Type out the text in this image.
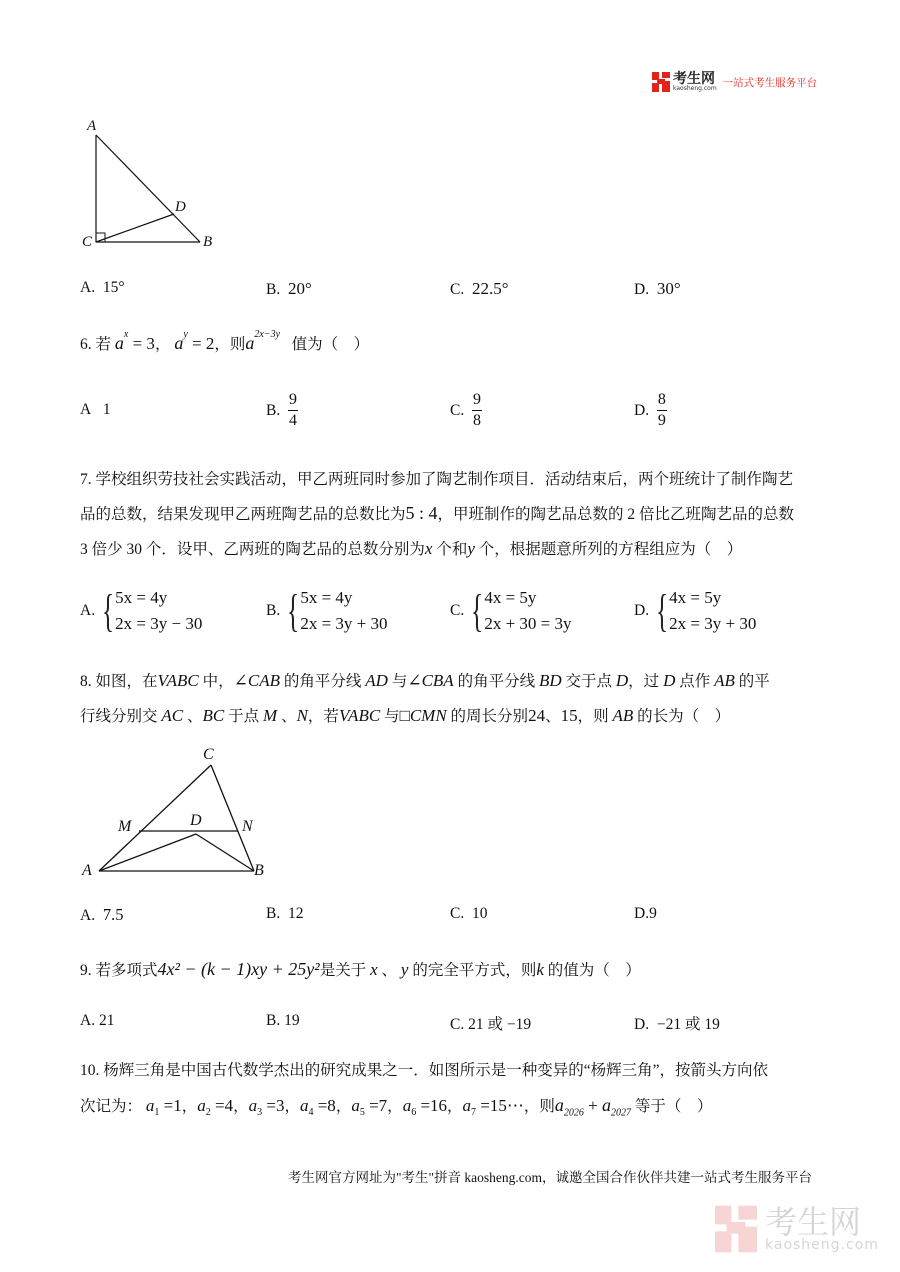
考生网
kaosheng.com 一站式考生服务平台
A
D
C	B
A. 15°	B. 20°	C. 22.5°	D. 30°
6. 若 $a^x = 3$， $a^y = 2$，则$a^{2x-3y}$   值为（　）
A 1	B.
$\frac{9}{4}$	C.
$\frac{9}{8}$	D.
$\frac{8}{9}$
7. 学校组织劳技社会实践活动，甲乙两班同时参加了陶艺制作项目．活动结束后，两个班统计了制作陶艺
品的总数，结果发现甲乙两班陶艺品的总数比为5 : 4，甲班制作的陶艺品总数的 2 倍比乙班陶艺品的总数
3 倍少 30 个．设甲、乙两班的陶艺品的总数分别为x 个和y 个，根据题意所列的方程组应为（　）
A. { 5x = 4y
2x = 3y − 30
B. { 5x = 4y
2x = 3y + 30
C. { 4x = 5y
2x + 30 = 3y
D. { 4x = 5y
2x = 3y + 30
8. 如图，在VABC 中，∠CAB 的角平分线 AD 与∠CBA 的角平分线 BD 交于点 D，过 D 点作 AB 的平
行线分别交 AC 、BC 于点 M 、N，若VABC 与□CMN 的周长分别24、15，则 AB 的长为（　）
C
M	D	N
A	B
A. 7.5	B. 12	C. 10	D.9
9. 若多项式4x² − (k − 1)xy + 25y²是关于 x 、 y 的完全平方式，则k 的值为（　）
A. 21	B. 19	C. 21 或 −19	D. −21 或 19
10. 杨辉三角是中国古代数学杰出的研究成果之一．如图所示是一种变异的“杨辉三角”，按箭头方向依
次记为： $a_1 =1$，$a_2 =4$，$a_3 =3$，$a_4 =8$，$a_5 =7$，$a_6 =16$，$a_7$ =15⋯，则$a_{2026} + a_{2027}$ 等于（　）
考生网官方网址为"考生"拼音 kaosheng.com，诚邀全国合作伙伴共建一站式考生服务平台
考生网
kaosheng.com
